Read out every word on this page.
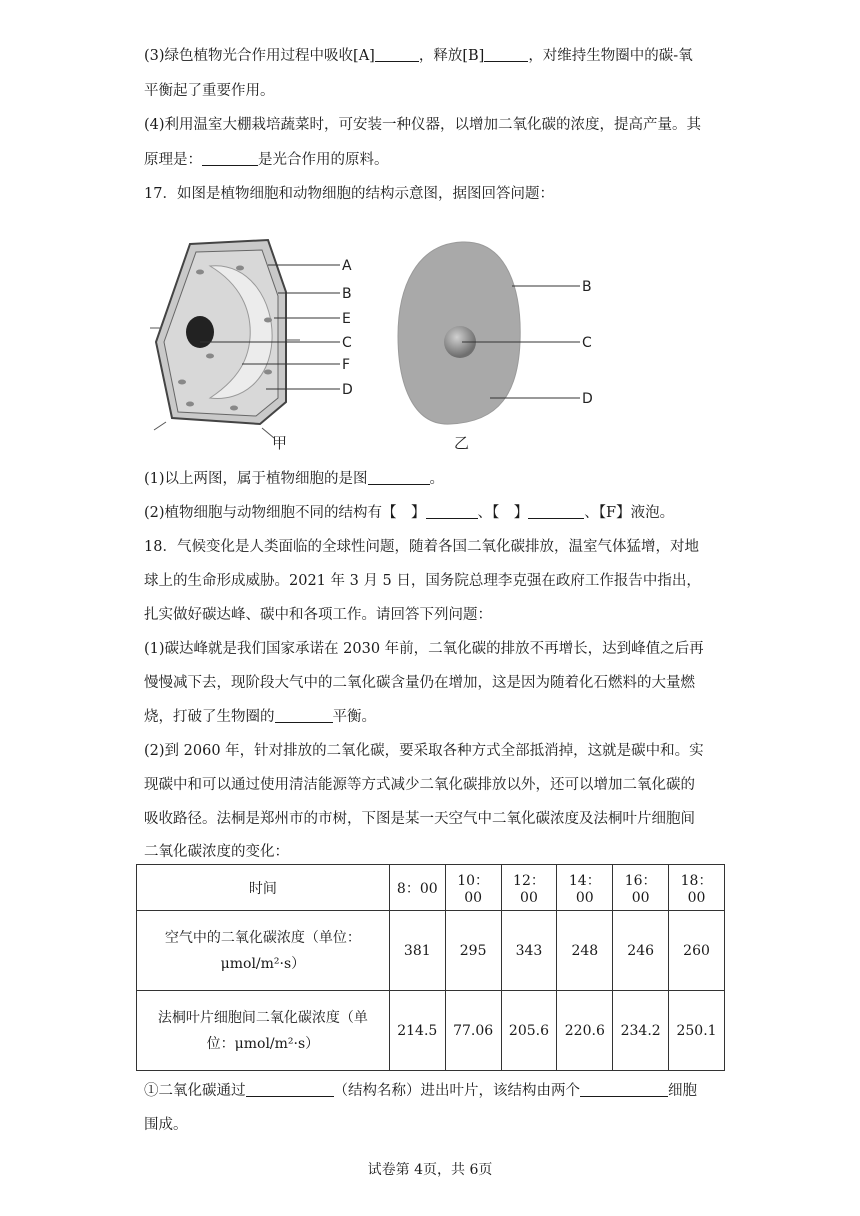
(3)绿色植物光合作用过程中吸收[A]	，释放[B]	，对维持生物圈中的碳-氧
平衡起了重要作用。
(4)利用温室大棚栽培蔬菜时，可安装一种仪器，以增加二氧化碳的浓度，提高产量。其
原理是：	是光合作用的原料。
17．如图是植物细胞和动物细胞的结构示意图，据图回答问题：
A
B
E
C
F
D
甲
B
C
D
乙
(1)以上两图，属于植物细胞的是图	。
(2)植物细胞与动物细胞不同的结构有【　】	、【　】	、【F】液泡。
18．气候变化是人类面临的全球性问题，随着各国二氧化碳排放，温室气体猛增，对地
球上的生命形成威胁。2021 年 3 月 5 日，国务院总理李克强在政府工作报告中指出，
扎实做好碳达峰、碳中和各项工作。请回答下列问题：
(1)碳达峰就是我们国家承诺在 2030 年前，二氧化碳的排放不再增长，达到峰值之后再
慢慢减下去，现阶段大气中的二氧化碳含量仍在增加，这是因为随着化石燃料的大量燃
烧，打破了生物圈的	平衡。
(2)到 2060 年，针对排放的二氧化碳，要采取各种方式全部抵消掉，这就是碳中和。实
现碳中和可以通过使用清洁能源等方式减少二氧化碳排放以外，还可以增加二氧化碳的
吸收路径。法桐是郑州市的市树，下图是某一天空气中二氧化碳浓度及法桐叶片细胞间
二氧化碳浓度的变化：
时间	8：00	10：00	12：00	14：00	16：00	18：00

空气中的二氧化碳浓度（单位：
μmol/m²·s）	381	295	343	248	246	260

法桐叶片细胞间二氧化碳浓度（单
位：μmol/m²·s）	214.5	77.06	205.6	220.6	234.2	250.1
①二氧化碳通过	（结构名称）进出叶片，该结构由两个	细胞
围成。
试卷第 4页，共 6页
